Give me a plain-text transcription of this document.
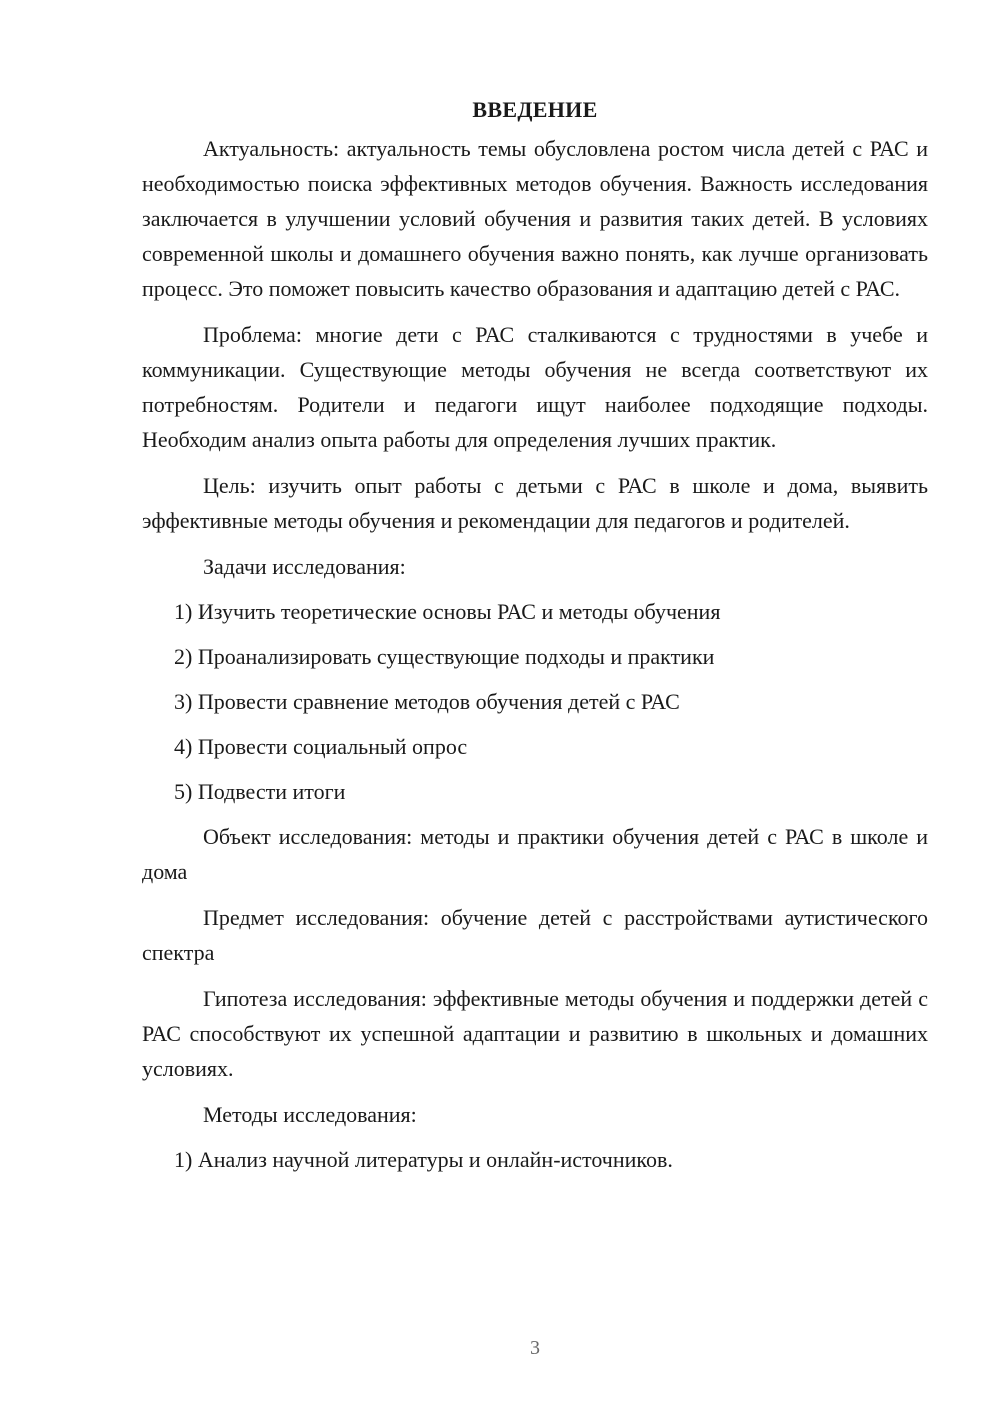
ВВЕДЕНИЕ

Актуальность: актуальность темы обусловлена ростом числа детей с РАС и необходимостью поиска эффективных методов обучения. Важность исследования заключается в улучшении условий обучения и развития таких детей. В условиях современной школы и домашнего обучения важно понять, как лучше организовать процесс. Это поможет повысить качество образования и адаптацию детей с РАС.

Проблема: многие дети с РАС сталкиваются с трудностями в учебе и коммуникации. Существующие методы обучения не всегда соответствуют их потребностям. Родители и педагоги ищут наиболее подходящие подходы. Необходим анализ опыта работы для определения лучших практик.

Цель: изучить опыт работы с детьми с РАС в школе и дома, выявить эффективные методы обучения и рекомендации для педагогов и родителей.

Задачи исследования:

1) Изучить теоретические основы РАС и методы обучения

2) Проанализировать существующие подходы и практики

3) Провести сравнение методов обучения детей с РАС

4) Провести социальный опрос

5) Подвести итоги

Объект исследования: методы и практики обучения детей с РАС в школе и дома

Предмет исследования: обучение детей с расстройствами аутистического спектра

Гипотеза исследования: эффективные методы обучения и поддержки детей с РАС способствуют их успешной адаптации и развитию в школьных и домашних условиях.

Методы исследования:

1) Анализ научной литературы и онлайн-источников.

3
